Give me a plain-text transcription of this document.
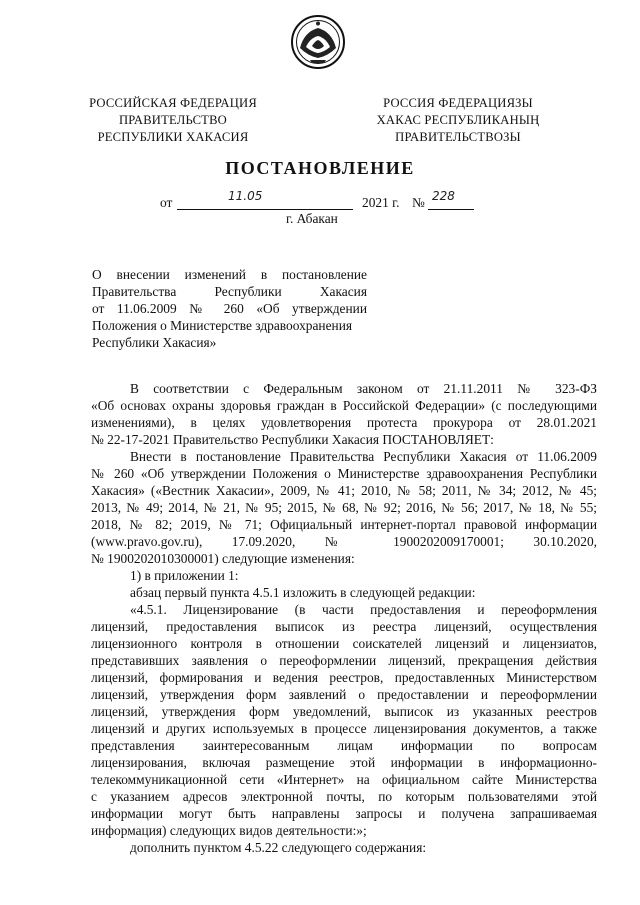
РОССИЙСКАЯ ФЕДЕРАЦИЯ
ПРАВИТЕЛЬСТВО
РЕСПУБЛИКИ ХАКАСИЯ
РОССИЯ ФЕДЕРАЦИЯЗЫ
ХАКАС РЕСПУБЛИКАНЫҢ
ПРАВИТЕЛЬСТВОЗЫ
ПОСТАНОВЛЕНИЕ
от	11.05	2021 г. № 228
г. Абакан
О внесении изменений в постановление
Правительства Республики Хакасия
от 11.06.2009 № 260 «Об утверждении
Положения о Министерстве здравоохранения
Республики Хакасия»
В соответствии с Федеральным законом от 21.11.2011 № 323-ФЗ
«Об основах охраны здоровья граждан в Российской Федерации» (с последующими
изменениями), в целях удовлетворения протеста прокурора от 28.01.2021
№ 22-17-2021 Правительство Республики Хакасия ПОСТАНОВЛЯЕТ:
Внести в постановление Правительства Республики Хакасия от 11.06.2009
№ 260 «Об утверждении Положения о Министерстве здравоохранения Республики
Хакасия» («Вестник Хакасии», 2009, № 41; 2010, № 58; 2011, № 34; 2012, № 45;
2013, № 49; 2014, № 21, № 95; 2015, № 68, № 92; 2016, № 56; 2017, № 18, № 55;
2018, № 82; 2019, № 71; Официальный интернет-портал правовой информации
(www.pravo.gov.ru), 17.09.2020, № 1900202009170001; 30.10.2020,
№ 1900202010300001) следующие изменения:
1) в приложении 1:
абзац первый пункта 4.5.1 изложить в следующей редакции:
«4.5.1. Лицензирование (в части предоставления и переоформления
лицензий, предоставления выписок из реестра лицензий, осуществления
лицензионного контроля в отношении соискателей лицензий и лицензиатов,
представивших заявления о переоформлении лицензий, прекращения действия
лицензий, формирования и ведения реестров, предоставленных Министерством
лицензий, утверждения форм заявлений о предоставлении и переоформлении
лицензий, утверждения форм уведомлений, выписок из указанных реестров
лицензий и других используемых в процессе лицензирования документов, а также
представления заинтересованным лицам информации по вопросам
лицензирования, включая размещение этой информации в информационно-
телекоммуникационной сети «Интернет» на официальном сайте Министерства
с указанием адресов электронной почты, по которым пользователями этой
информации могут быть направлены запросы и получена запрашиваемая
информация) следующих видов деятельности:»;
дополнить пунктом 4.5.22 следующего содержания:
